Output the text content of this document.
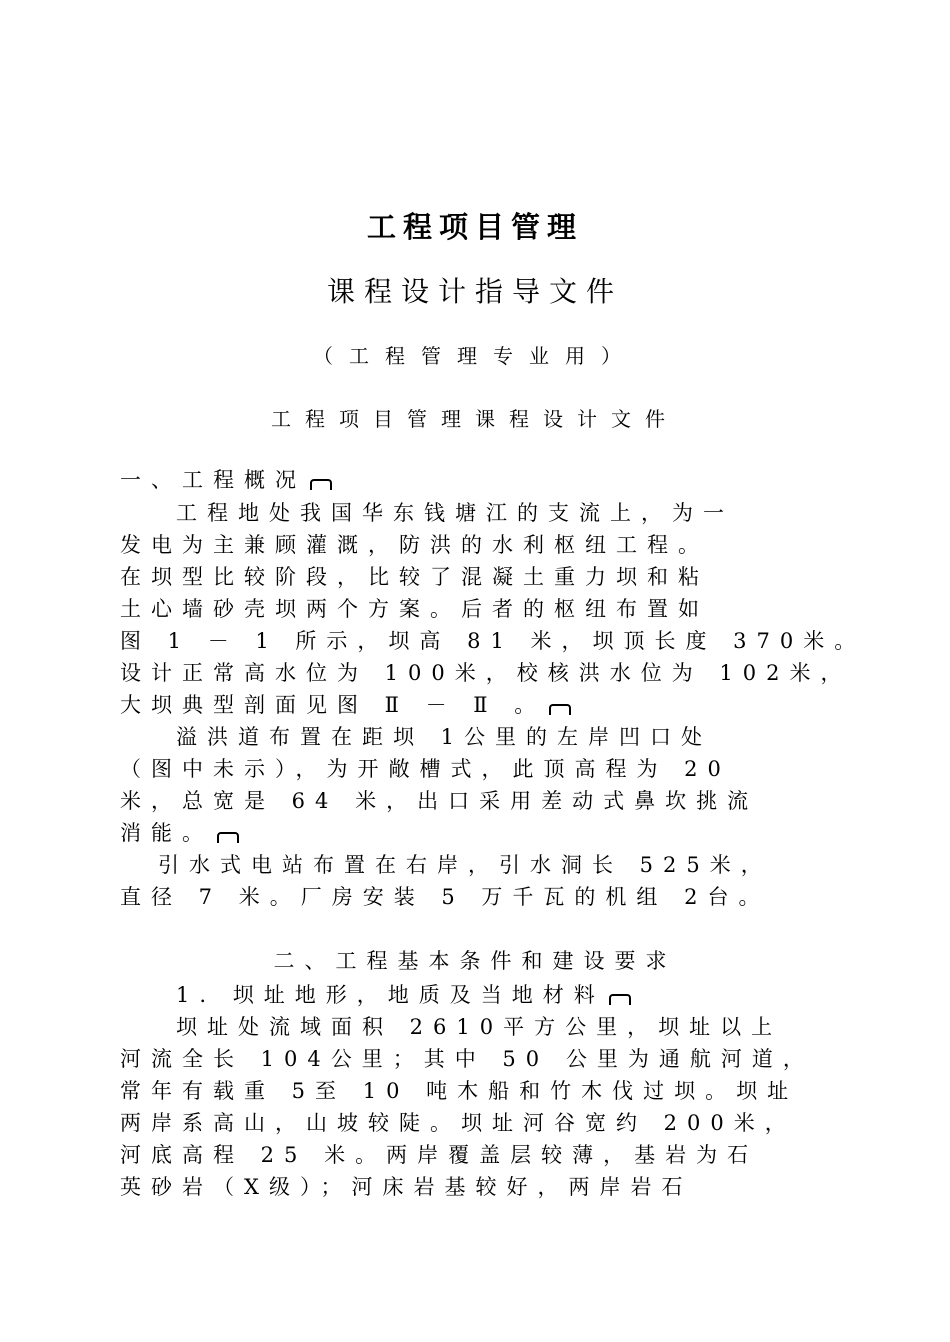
工程项目管理
课程设计指导文件
（工程管理专业用）
工程项目管理课程设计文件
一、工程概况
工程地处我国华东钱塘江的支流上，为一
发电为主兼顾灌溉，防洪的水利枢纽工程。
在坝型比较阶段，比较了混凝土重力坝和粘
土心墙砂壳坝两个方案。后者的枢纽布置如
图 1 － 1 所示，坝高 81 米，坝顶长度 370米。
设计正常高水位为 100米，校核洪水位为 102米，
大坝典型剖面见图 Ⅱ － Ⅱ 。
溢洪道布置在距坝 1公里的左岸凹口处
（图中未示），为开敞槽式，此顶高程为 20
米，总宽是 64 米，出口采用差动式鼻坎挑流
消能。
引水式电站布置在右岸，引水洞长 525米，
直径 7 米。厂房安装 5 万千瓦的机组 2台。
二、工程基本条件和建设要求
1. 坝址地形，地质及当地材料
坝址处流域面积 2610平方公里，坝址以上
河流全长 104公里；其中 50 公里为通航河道，
常年有载重 5至 10 吨木船和竹木伐过坝。坝址
两岸系高山，山坡较陡。坝址河谷宽约 200米，
河底高程 25 米。两岸覆盖层较薄，基岩为石
英砂岩（Ⅹ级）；河床岩基较好，两岸岩石
